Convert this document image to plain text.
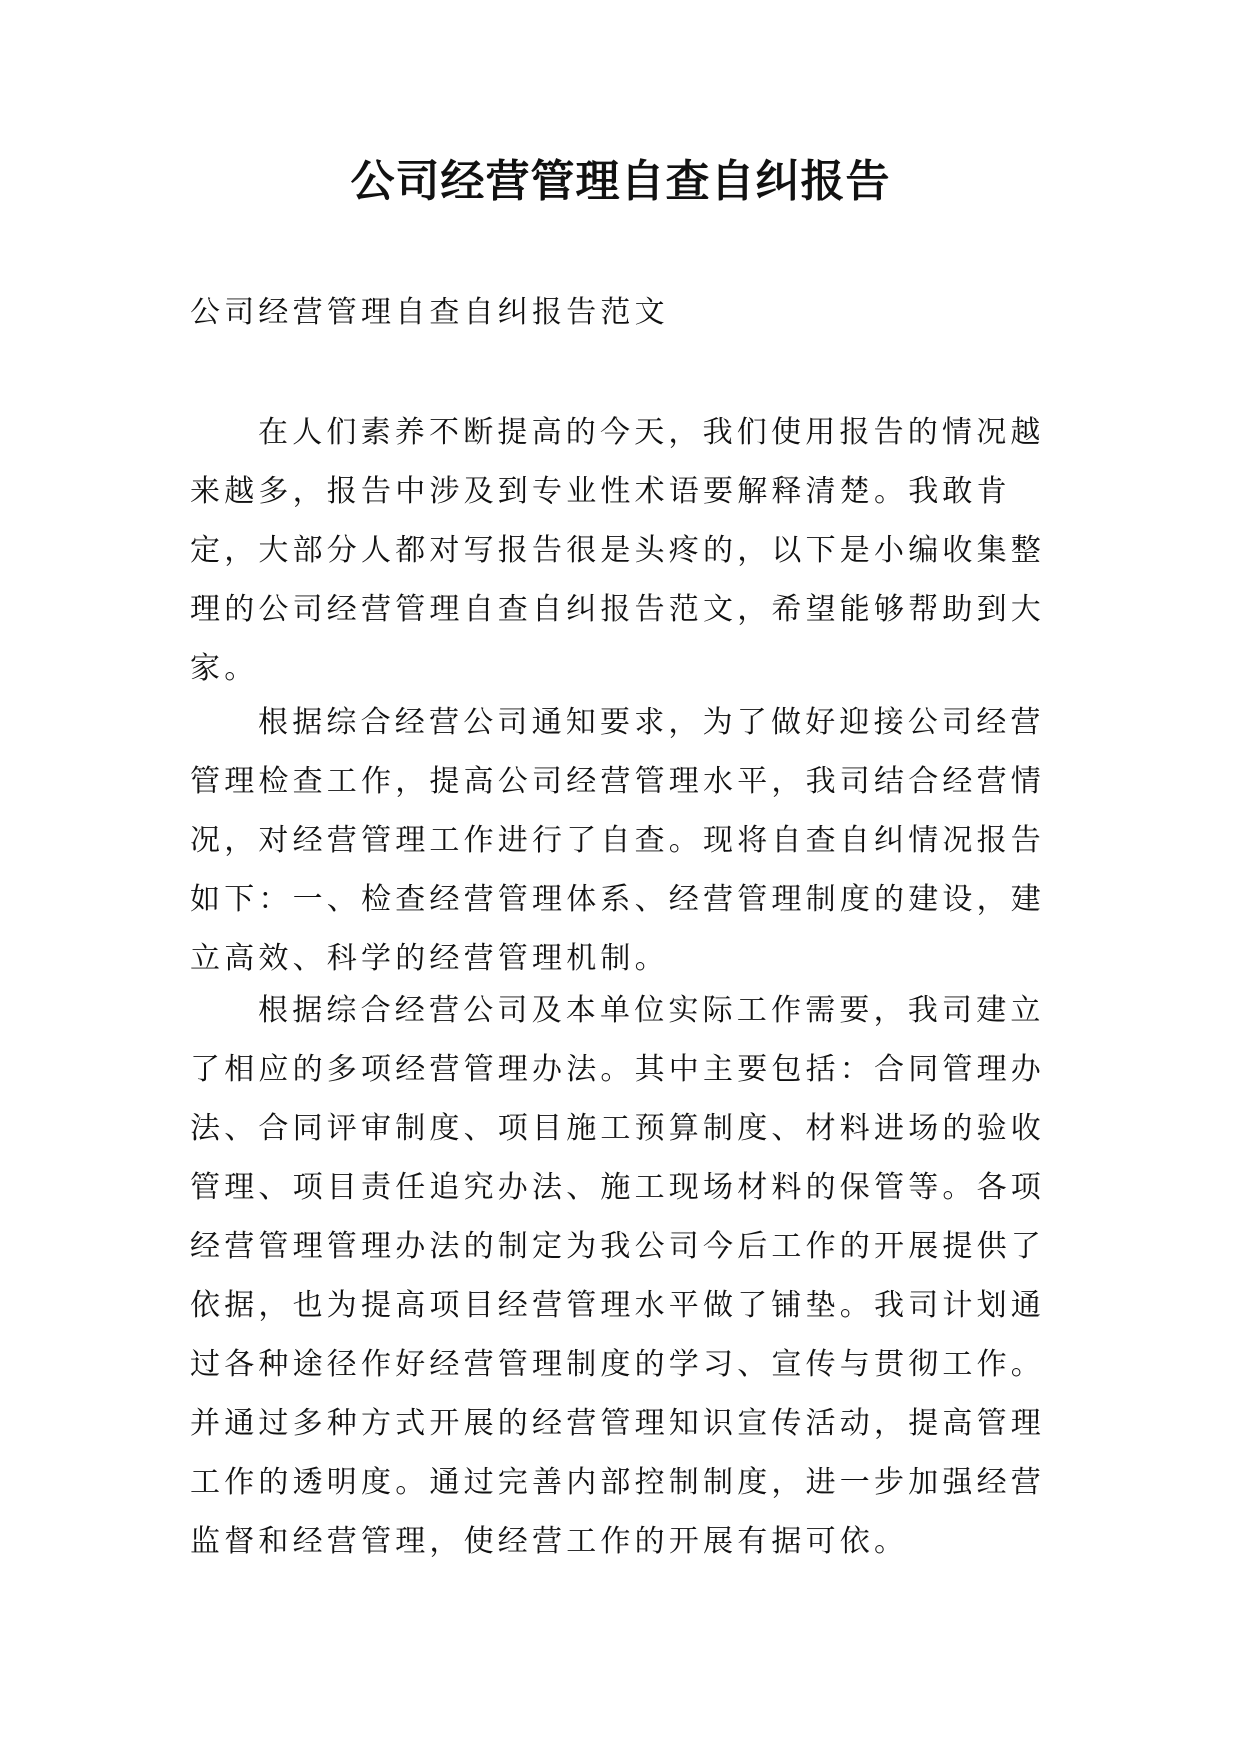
公司经营管理自查自纠报告

公司经营管理自查自纠报告范文

在人们素养不断提高的今天，我们使用报告的情况越来越多，报告中涉及到专业性术语要解释清楚。我敢肯定，大部分人都对写报告很是头疼的，以下是小编收集整理的公司经营管理自查自纠报告范文，希望能够帮助到大家。

根据综合经营公司通知要求，为了做好迎接公司经营管理检查工作，提高公司经营管理水平，我司结合经营情况，对经营管理工作进行了自查。现将自查自纠情况报告如下：一、检查经营管理体系、经营管理制度的建设，建立高效、科学的经营管理机制。

根据综合经营公司及本单位实际工作需要，我司建立了相应的多项经营管理办法。其中主要包括：合同管理办法、合同评审制度、项目施工预算制度、材料进场的验收管理、项目责任追究办法、施工现场材料的保管等。各项经营管理管理办法的制定为我公司今后工作的开展提供了依据，也为提高项目经营管理水平做了铺垫。我司计划通过各种途径作好经营管理制度的学习、宣传与贯彻工作。并通过多种方式开展的经营管理知识宣传活动，提高管理工作的透明度。通过完善内部控制制度，进一步加强经营监督和经营管理，使经营工作的开展有据可依。
